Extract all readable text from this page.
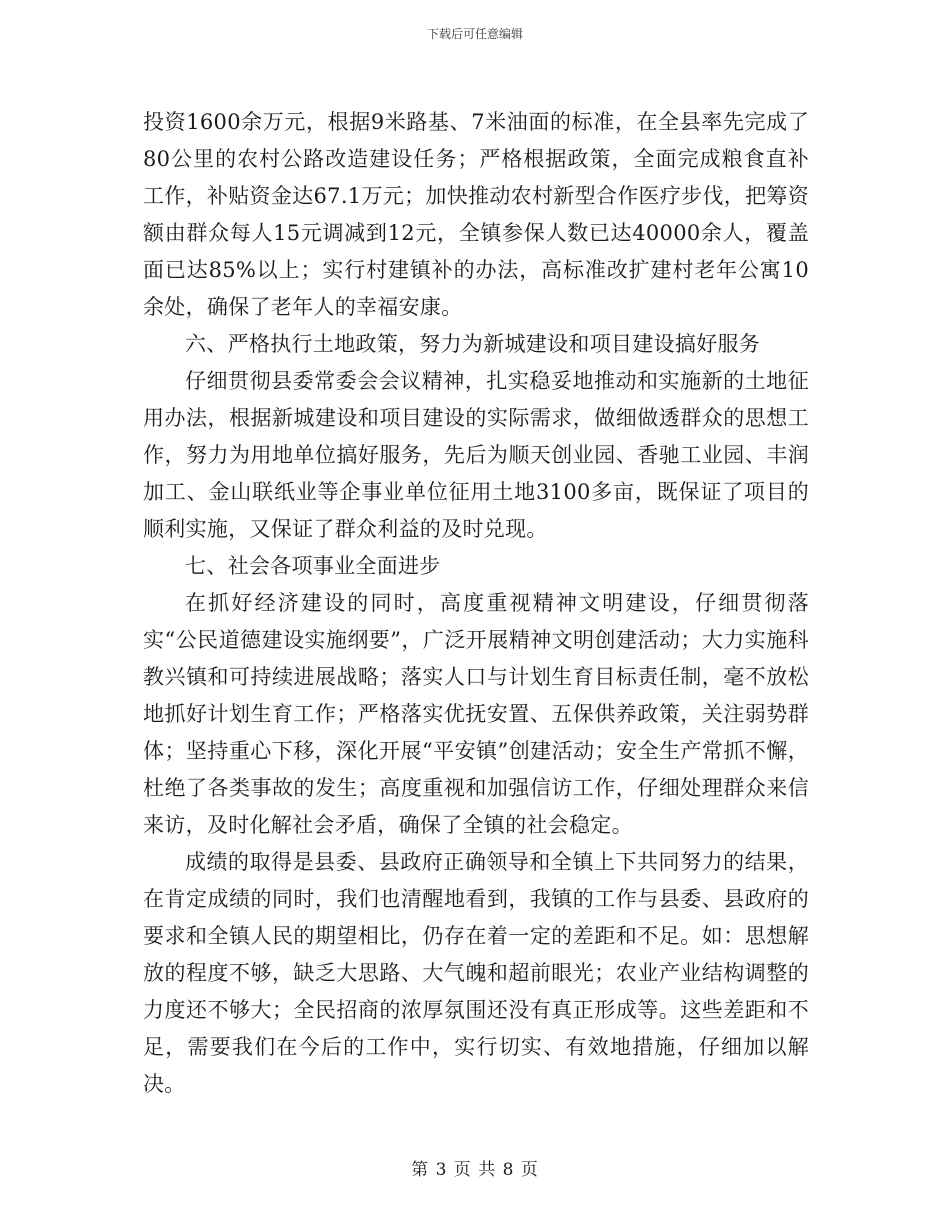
下载后可任意编辑

投资1600余万元，根据9米路基、7米油面的标准，在全县率先完成了80公里的农村公路改造建设任务；严格根据政策，全面完成粮食直补工作，补贴资金达67.1万元；加快推动农村新型合作医疗步伐，把筹资额由群众每人15元调减到12元，全镇参保人数已达40000余人，覆盖面已达85%以上；实行村建镇补的办法，高标准改扩建村老年公寓10余处，确保了老年人的幸福安康。

六、严格执行土地政策，努力为新城建设和项目建设搞好服务

仔细贯彻县委常委会会议精神，扎实稳妥地推动和实施新的土地征用办法，根据新城建设和项目建设的实际需求，做细做透群众的思想工作，努力为用地单位搞好服务，先后为顺天创业园、香驰工业园、丰润加工、金山联纸业等企事业单位征用土地3100多亩，既保证了项目的顺利实施，又保证了群众利益的及时兑现。

七、社会各项事业全面进步

在抓好经济建设的同时，高度重视精神文明建设，仔细贯彻落实“公民道德建设实施纲要”，广泛开展精神文明创建活动；大力实施科教兴镇和可持续进展战略；落实人口与计划生育目标责任制，毫不放松地抓好计划生育工作；严格落实优抚安置、五保供养政策，关注弱势群体；坚持重心下移，深化开展“平安镇”创建活动；安全生产常抓不懈，杜绝了各类事故的发生；高度重视和加强信访工作，仔细处理群众来信来访，及时化解社会矛盾，确保了全镇的社会稳定。

成绩的取得是县委、县政府正确领导和全镇上下共同努力的结果，在肯定成绩的同时，我们也清醒地看到，我镇的工作与县委、县政府的要求和全镇人民的期望相比，仍存在着一定的差距和不足。如：思想解放的程度不够，缺乏大思路、大气魄和超前眼光；农业产业结构调整的力度还不够大；全民招商的浓厚氛围还没有真正形成等。这些差距和不足，需要我们在今后的工作中，实行切实、有效地措施，仔细加以解决。

第 3 页 共 8 页
